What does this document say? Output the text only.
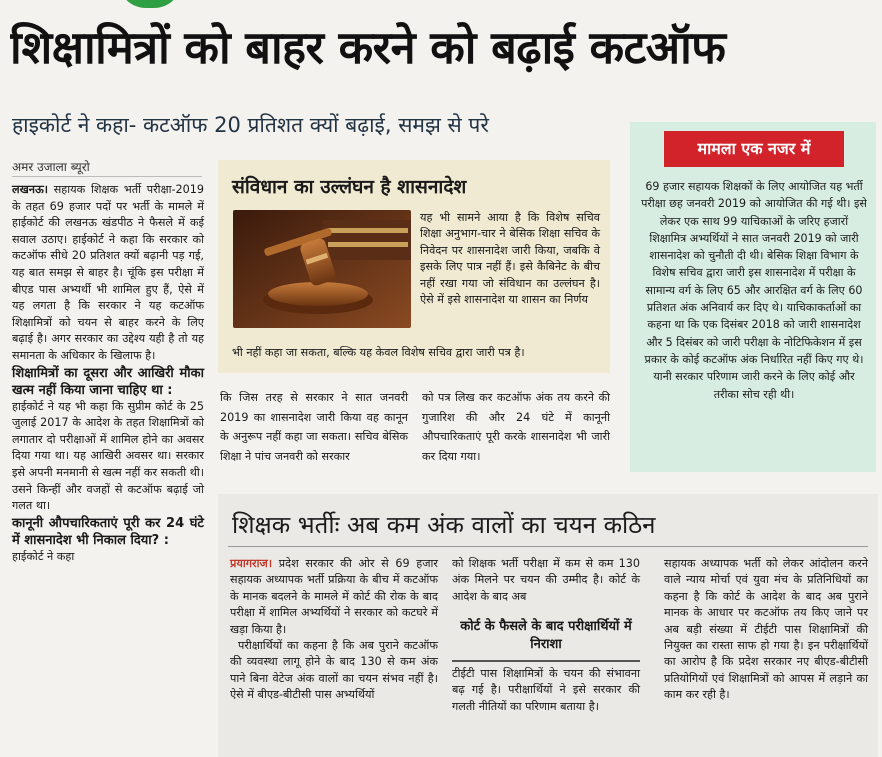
शिक्षामित्रों को बाहर करने को बढ़ाई कटऑफ
हाइकोर्ट ने कहा- कटऑफ 20 प्रतिशत क्यों बढ़ाई, समझ से परे
अमर उजाला ब्यूरो

लखनऊ। सहायक शिक्षक भर्ती परीक्षा-2019 के तहत 69 हजार पदों पर भर्ती के मामले में हाईकोर्ट की लखनऊ खंडपीठ ने फैसले में कई सवाल उठाए। हाईकोर्ट ने कहा कि सरकार को कटऑफ सीधे 20 प्रतिशत क्यों बढ़ानी पड़ गई, यह बात समझ से बाहर है। चूंकि इस परीक्षा में बीएड पास अभ्यर्थी भी शामिल हुए हैं, ऐसे में यह लगता है कि सरकार ने यह कटऑफ शिक्षामित्रों को चयन से बाहर करने के लिए बढ़ाई है। अगर सरकार का उद्देश्य यही है तो यह समानता के अधिकार के खिलाफ है।

शिक्षामित्रों का दूसरा और आखिरी मौका खत्म नहीं किया जाना चाहिए था :

हाईकोर्ट ने यह भी कहा कि सुप्रीम कोर्ट के 25 जुलाई 2017 के आदेश के तहत शिक्षामित्रों को लगातार दो परीक्षाओं में शामिल होने का अवसर दिया गया था। यह आखिरी अवसर था। सरकार इसे अपनी मनमानी से खत्म नहीं कर सकती थी। उसने किन्हीं और वजहों से कटऑफ बढ़ाई जो गलत था।

कानूनी औपचारिकताएं पूरी कर 24 घंटे में शासनादेश भी निकाल दिया? :

हाईकोर्ट ने कहा

संविधान का उल्लंघन है शासनादेश
यह भी सामने आया है कि विशेष सचिव शिक्षा अनुभाग-चार ने बेसिक शिक्षा सचिव के निवेदन पर शासनादेश जारी किया, जबकि वे इसके लिए पात्र नहीं हैं। इसे कैबिनेट के बीच नहीं रखा गया जो संविधान का उल्लंघन है। ऐसे में इसे शासनादेश या शासन का निर्णय
भी नहीं कहा जा सकता, बल्कि यह केवल विशेष सचिव द्वारा जारी पत्र है।
कि जिस तरह से सरकार ने सात जनवरी 2019 का शासनादेश जारी किया वह कानून के अनुरूप नहीं कहा जा सकता। सचिव बेसिक शिक्षा ने पांच जनवरी को सरकार
को पत्र लिख कर कटऑफ अंक तय करने की गुजारिश की और 24 घंटे में कानूनी औपचारिकताएं पूरी करके शासनादेश भी जारी कर दिया गया।
मामला एक नजर में
69 हजार सहायक शिक्षकों के लिए आयोजित यह भर्ती परीक्षा छह जनवरी 2019 को आयोजित की गई थी। इसे लेकर एक साथ 99 याचिकाओं के जरिए हजारों शिक्षामित्र अभ्यर्थियों ने सात जनवरी 2019 को जारी शासनादेश को चुनौती दी थी। बेसिक शिक्षा विभाग के विशेष सचिव द्वारा जारी इस शासनादेश में परीक्षा के सामान्य वर्ग के लिए 65 और आरक्षित वर्ग के लिए 60 प्रतिशत अंक अनिवार्य कर दिए थे। याचिकाकर्ताओं का कहना था कि एक दिसंबर 2018 को जारी शासनादेश और 5 दिसंबर को जारी परीक्षा के नोटिफिकेशन में इस प्रकार के कोई कटऑफ अंक निर्धारित नहीं किए गए थे। यानी सरकार परिणाम जारी करने के लिए कोई और तरीका सोच रही थी।
शिक्षक भर्तीः अब कम अंक वालों का चयन कठिन

प्रयागराज। प्रदेश सरकार की ओर से 69 हजार सहायक अध्यापक भर्ती प्रक्रिया के बीच में कटऑफ के मानक बदलने के मामले में कोर्ट की रोक के बाद परीक्षा में शामिल अभ्यर्थियों ने सरकार को कटघरे में खड़ा किया है।

परीक्षार्थियों का कहना है कि अब पुराने कटऑफ की व्यवस्था लागू होने के बाद 130 से कम अंक पाने बिना वेटेज अंक वालों का चयन संभव नहीं है। ऐसे में बीएड-बीटीसी पास अभ्यर्थियों

को शिक्षक भर्ती परीक्षा में कम से कम 130 अंक मिलने पर चयन की उम्मीद है। कोर्ट के आदेश के बाद अब
कोर्ट के फैसले के बाद परीक्षार्थियों में निराशा
टीईटी पास शिक्षामित्रों के चयन की संभावना बढ़ गई है। परीक्षार्थियों ने इसे सरकार की गलती नीतियों का परिणाम बताया है।
सहायक अध्यापक भर्ती को लेकर आंदोलन करने वाले न्याय मोर्चा एवं युवा मंच के प्रतिनिधियों का कहना है कि कोर्ट के आदेश के बाद अब पुराने मानक के आधार पर कटऑफ तय किए जाने पर अब बड़ी संख्या में टीईटी पास शिक्षामित्रों की नियुक्त का रास्ता साफ हो गया है। इन परीक्षार्थियों का आरोप है कि प्रदेश सरकार नए बीएड-बीटीसी प्रतियोगियों एवं शिक्षामित्रों को आपस में लड़ाने का काम कर रही है।
